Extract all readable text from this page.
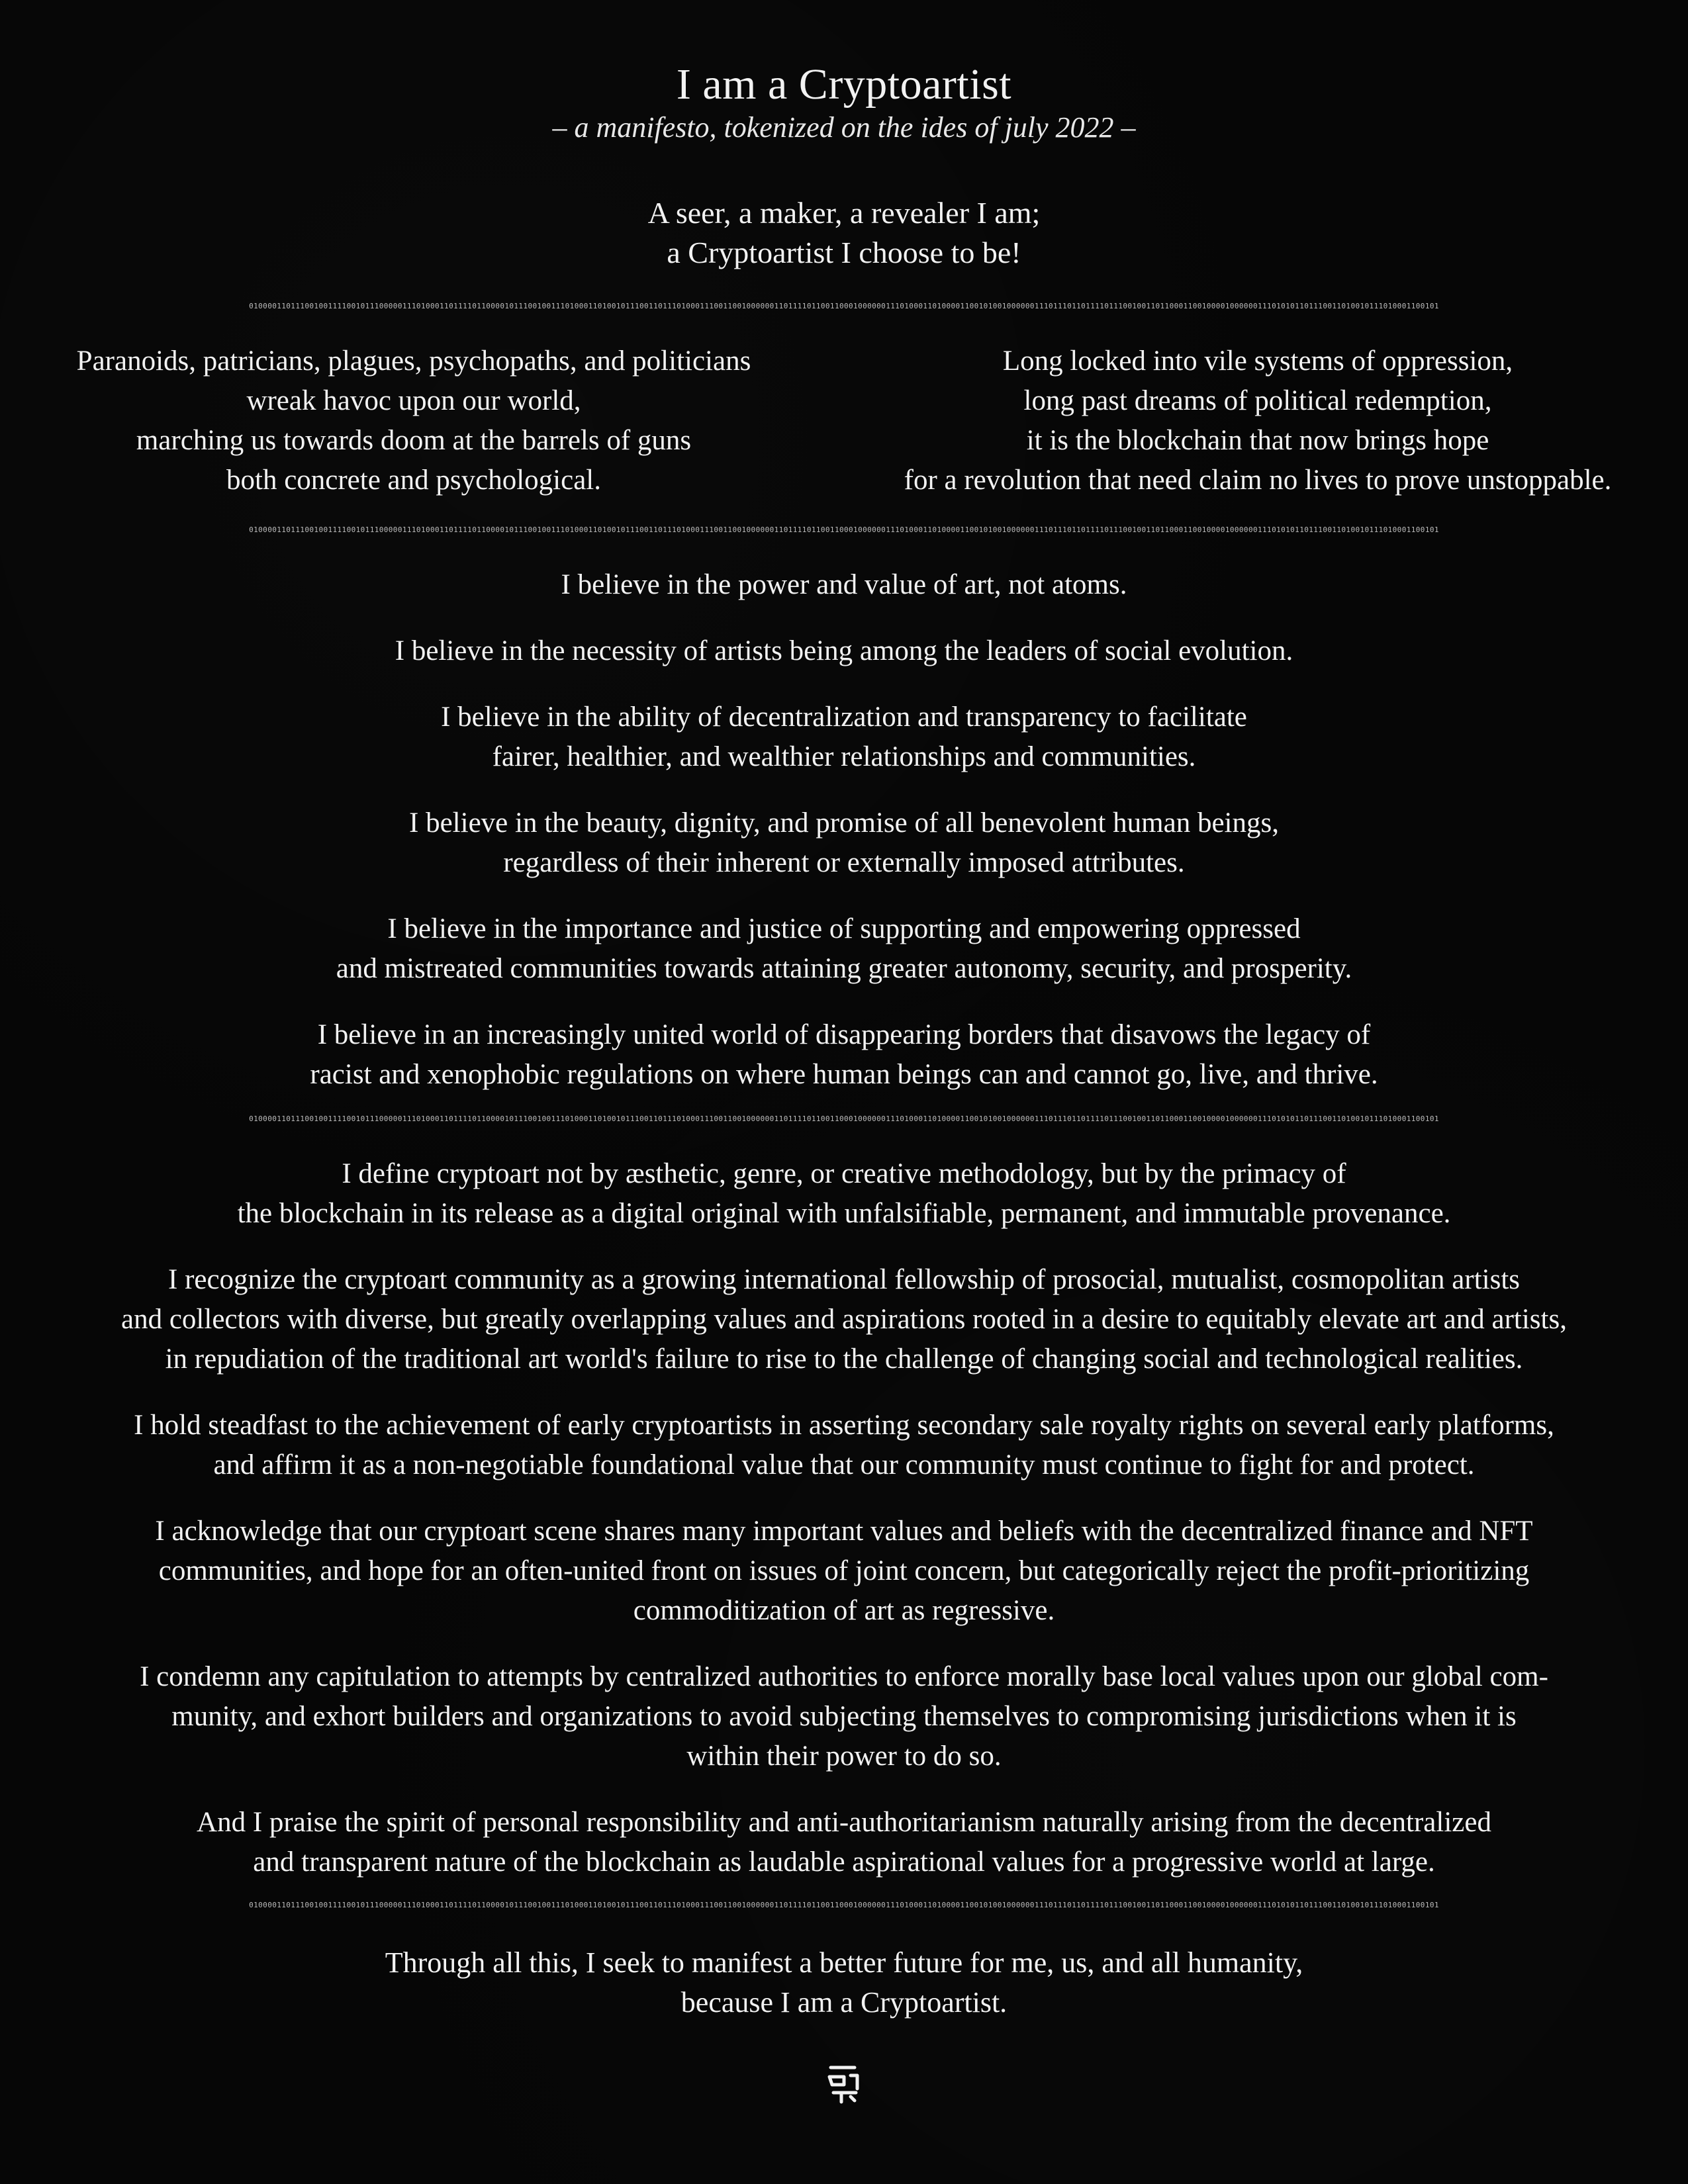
I am a Cryptoartist

– a manifesto, tokenized on the ides of july 2022 –

A seer, a maker, a revealer I am;
a Cryptoartist I choose to be!
0100001101110010011110010111000001110100011011110110000101110010011101000110100101110011011101000111001100100000011011110110011000100000011101000110100001100101001000000111011101101111011100100110110001100100001000000111010101101110011010010111010001100101
Paranoids, patricians, plagues, psychopaths, and politicians
wreak havoc upon our world,
marching us towards doom at the barrels of guns
both concrete and psychological.
Long locked into vile systems of oppression,
long past dreams of political redemption,
it is the blockchain that now brings hope
for a revolution that need claim no lives to prove unstoppable.
0100001101110010011110010111000001110100011011110110000101110010011101000110100101110011011101000111001100100000011011110110011000100000011101000110100001100101001000000111011101101111011100100110110001100100001000000111010101101110011010010111010001100101

I believe in the power and value of art, not atoms.

I believe in the necessity of artists being among the leaders of social evolution.

I believe in the ability of decentralization and transparency to facilitate
fairer, healthier, and wealthier relationships and communities.

I believe in the beauty, dignity, and promise of all benevolent human beings,
regardless of their inherent or externally imposed attributes.

I believe in the importance and justice of supporting and empowering oppressed
and mistreated communities towards attaining greater autonomy, security, and prosperity.

I believe in an increasingly united world of disappearing borders that disavows the legacy of
racist and xenophobic regulations on where human beings can and cannot go, live, and thrive.

0100001101110010011110010111000001110100011011110110000101110010011101000110100101110011011101000111001100100000011011110110011000100000011101000110100001100101001000000111011101101111011100100110110001100100001000000111010101101110011010010111010001100101

I define cryptoart not by æsthetic, genre, or creative methodology, but by the primacy of
the blockchain in its release as a digital original with unfalsifiable, permanent, and immutable provenance.

I recognize the cryptoart community as a growing international fellowship of prosocial, mutualist, cosmopolitan artists
and collectors with diverse, but greatly overlapping values and aspirations rooted in a desire to equitably elevate art and artists,
in repudiation of the traditional art world's failure to rise to the challenge of changing social and technological realities.

I hold steadfast to the achievement of early cryptoartists in asserting secondary sale royalty rights on several early platforms,
and affirm it as a non-negotiable foundational value that our community must continue to fight for and protect.

I acknowledge that our cryptoart scene shares many important values and beliefs with the decentralized finance and NFT
communities, and hope for an often-united front on issues of joint concern, but categorically reject the profit-prioritizing
commoditization of art as regressive.

I condemn any capitulation to attempts by centralized authorities to enforce morally base local values upon our global com-
munity, and exhort builders and organizations to avoid subjecting themselves to compromising jurisdictions when it is
within their power to do so.

And I praise the spirit of personal responsibility and anti-authoritarianism naturally arising from the decentralized
and transparent nature of the blockchain as laudable aspirational values for a progressive world at large.

0100001101110010011110010111000001110100011011110110000101110010011101000110100101110011011101000111001100100000011011110110011000100000011101000110100001100101001000000111011101101111011100100110110001100100001000000111010101101110011010010111010001100101
Through all this, I seek to manifest a better future for me, us, and all humanity,
because I am a Cryptoartist.
